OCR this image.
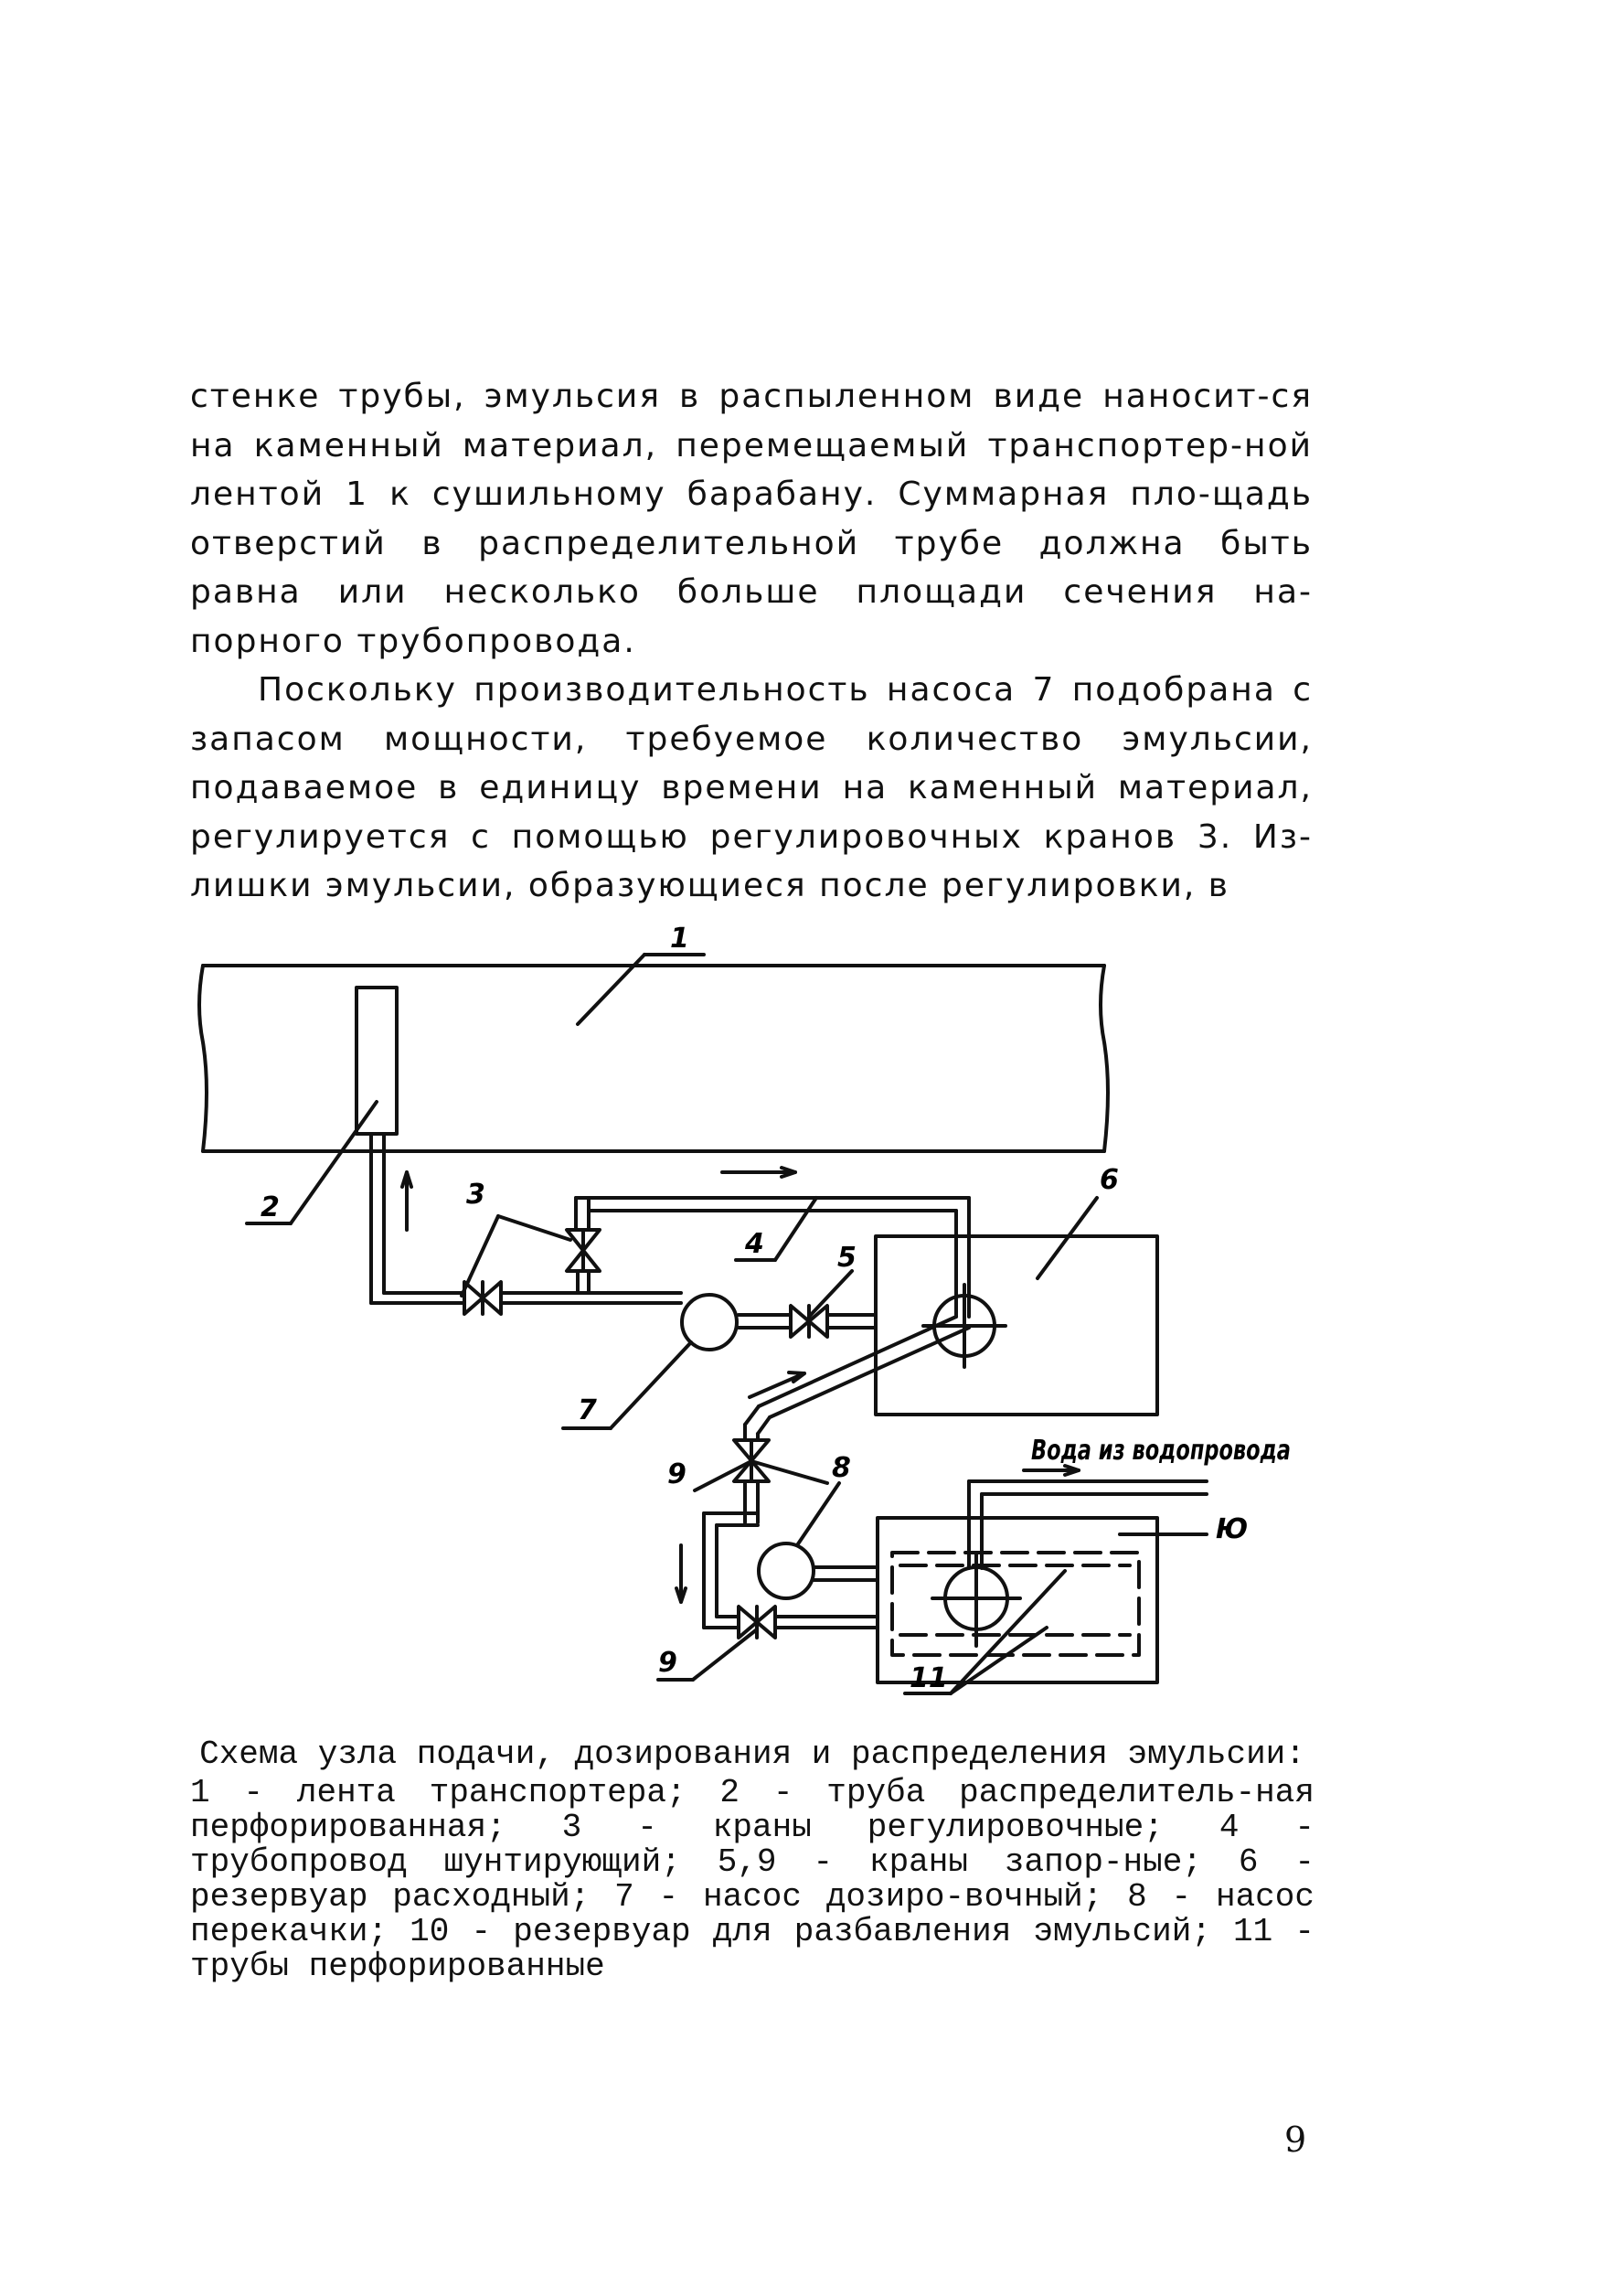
стенке трубы, эмульсия в распыленном виде наносит-ся на каменный материал, перемещаемый транспортер-ной лентой 1 к сушильному барабану. Суммарная пло-щадь отверстий в распределительной трубе должна быть равна или несколько больше площади сечения на-порного трубопровода.

Поскольку производительность насоса 7 подобрана с запасом мощности, требуемое количество эмульсии, подаваемое в единицу времени на каменный материал, регулируется с помощью регулировочных кранов 3. Из-лишки эмульсии, образующиеся после регулировки, в

1
2	3
4	5
6
7
8
9
9
Ю
11
Вода из водопровода

Схема узла подачи, дозирования и распределения эмульсии:

1 - лента транспортера; 2 - труба распределитель-ная перфорированная; 3 - краны регулировочные; 4 - трубопровод шунтирующий; 5,9 - краны запор-ные; 6 - резервуар расходный; 7 - насос дозиро-вочный; 8 - насос перекачки; 10 - резервуар для разбавления эмульсий; 11 - трубы перфорированные

9
